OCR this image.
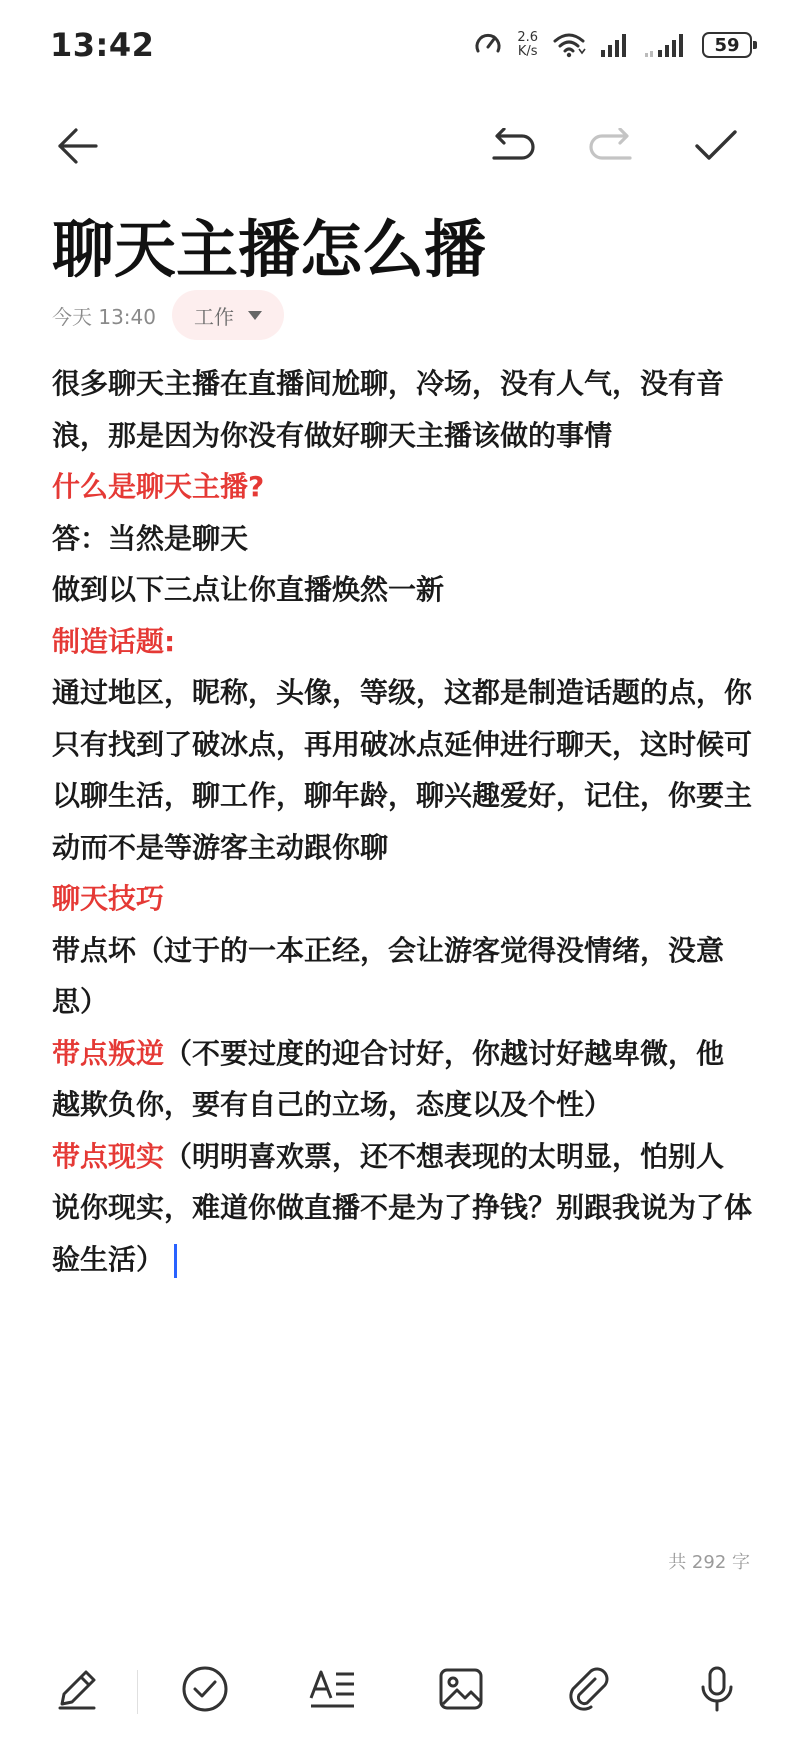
13:42	2.6
K/s	59
聊天主播怎么播
今天 13:40 工作

很多聊天主播在直播间尬聊，冷场，没有人气，没有音浪，那是因为你没有做好聊天主播该做的事情

什么是聊天主播?

答：当然是聊天

做到以下三点让你直播焕然一新

制造话题:

通过地区，昵称，头像，等级，这都是制造话题的点，你只有找到了破冰点，再用破冰点延伸进行聊天，这时候可以聊生活，聊工作，聊年龄，聊兴趣爱好，记住，你要主动而不是等游客主动跟你聊

聊天技巧

带点坏（过于的一本正经，会让游客觉得没情绪，没意思）

带点叛逆（不要过度的迎合讨好，你越讨好越卑微，他越欺负你，要有自己的立场，态度以及个性）

带点现实（明明喜欢票，还不想表现的太明显，怕别人说你现实，难道你做直播不是为了挣钱？别跟我说为了体验生活）

共 292 字
